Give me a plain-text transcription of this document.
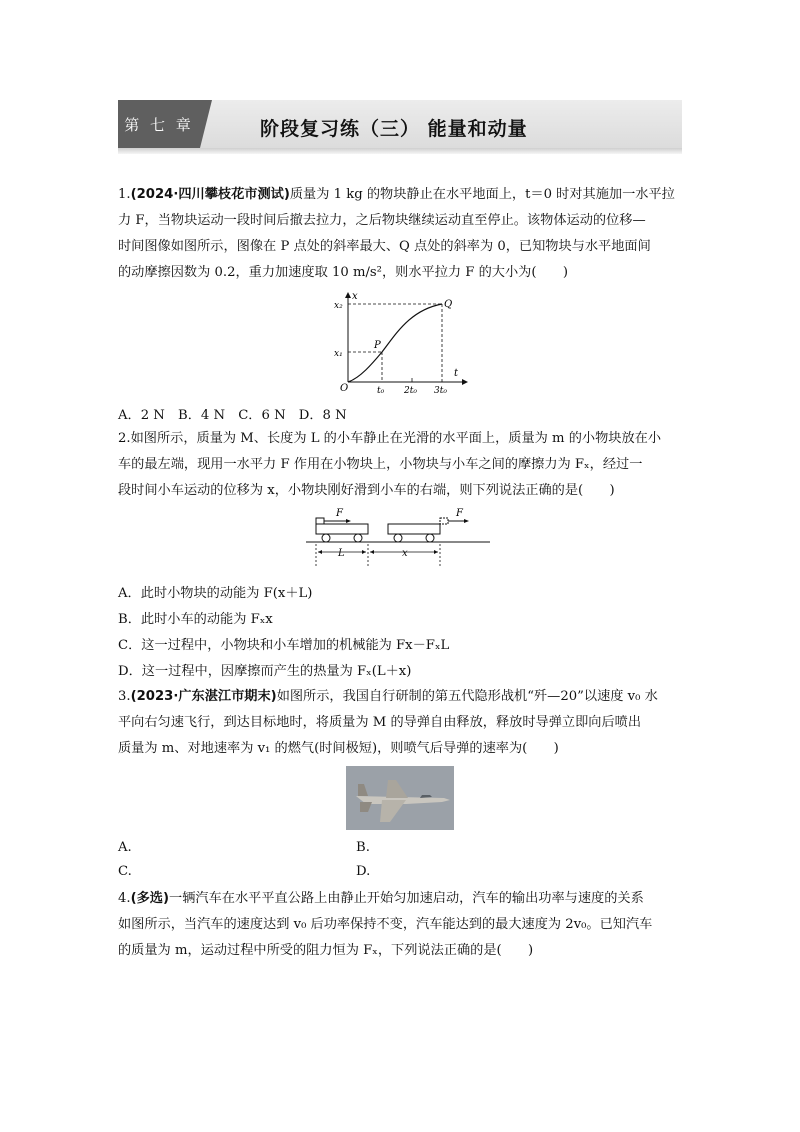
第 七 章	阶段复习练（三） 能量和动量
1.(2024·四川攀枝花市测试)质量为 1 kg 的物块静止在水平地面上，t＝0 时对其施加一水平拉
力 F，当物块运动一段时间后撤去拉力，之后物块继续运动直至停止。该物体运动的位移—
时间图像如图所示，图像在 P 点处的斜率最大、Q 点处的斜率为 0，已知物块与水平地面间
的动摩擦因数为 0.2，重力加速度取 10 m/s²，则水平拉力 F 的大小为(　　)
x
t
O
x₂
x₁
P
Q
t₀ 2t₀ 3t₀
A．2 N　B．4 N　C．6 N　D．8 N
2.如图所示，质量为 M、长度为 L 的小车静止在光滑的水平面上，质量为 m 的小物块放在小
车的最左端，现用一水平力 F 作用在小物块上，小物块与小车之间的摩擦力为 Fₓ，经过一
段时间小车运动的位移为 x，小物块刚好滑到小车的右端，则下列说法正确的是(　　)
F	F
L	x
A．此时小物块的动能为 F(x＋L)
B．此时小车的动能为 Fₓx
C．这一过程中，小物块和小车增加的机械能为 Fx－FₓL
D．这一过程中，因摩擦而产生的热量为 Fₓ(L＋x)
3.(2023·广东湛江市期末)如图所示，我国自行研制的第五代隐形战机“歼—20”以速度 v₀ 水
平向右匀速飞行，到达目标地时，将质量为 M 的导弹自由释放，释放时导弹立即向后喷出
质量为 m、对地速率为 v₁ 的燃气(时间极短)，则喷气后导弹的速率为(　　)
A.	B.
C.	D.
4.(多选)一辆汽车在水平平直公路上由静止开始匀加速启动，汽车的输出功率与速度的关系
如图所示，当汽车的速度达到 v₀ 后功率保持不变，汽车能达到的最大速度为 2v₀。已知汽车
的质量为 m，运动过程中所受的阻力恒为 Fₓ，下列说法正确的是(　　)
